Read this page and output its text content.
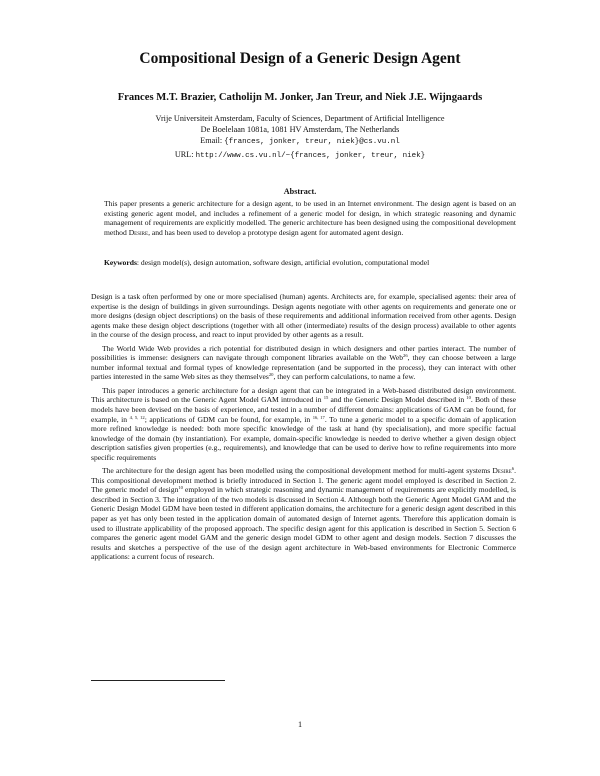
Compositional Design of a Generic Design Agent
Frances M.T. Brazier, Catholijn M. Jonker, Jan Treur, and Niek J.E. Wijngaards
Vrije Universiteit Amsterdam, Faculty of Sciences, Department of Artificial Intelligence
De Boelelaan 1081a, 1081 HV Amsterdam, The Netherlands
Email: {frances, jonker, treur, niek}@cs.vu.nl
URL: http://www.cs.vu.nl/~{frances, jonker, treur, niek}
Abstract.

This paper presents a generic architecture for a design agent, to be used in an Internet environment. The design agent is based on an existing generic agent model, and includes a refinement of a generic model for design, in which strategic reasoning and dynamic management of requirements are explicitly modelled. The generic architecture has been designed using the compositional development method Desire, and has been used to develop a prototype design agent for automated agent design.

Keywords: design model(s), design automation, software design, artificial evolution, computational model

Design is a task often performed by one or more specialised (human) agents. Architects are, for example, specialised agents: their area of expertise is the design of buildings in given surroundings. Design agents negotiate with other agents on requirements and generate one or more designs (design object descriptions) on the basis of these requirements and additional information received from other agents. Design agents make these design object descriptions (together with all other (intermediate) results of the design process) available to other agents in the course of the design process, and react to input provided by other agents as a result.

The World Wide Web provides a rich potential for distributed design in which designers and other parties interact. The number of possibilities is immense: designers can navigate through component libraries available on the Web$^{26}$, they can choose between a large number informal textual and formal types of knowledge representation (and be supported in the process), they can interact with other parties interested in the same Web sites as they themselves$^{20}$, they can perform calculations, to name a few.

This paper introduces a generic architecture for a design agent that can be integrated in a Web-based distributed design environment. This architecture is based on the Generic Agent Model GAM introduced in $^{15}$ and the Generic Design Model described in $^{10}$. Both of these models have been devised on the basis of experience, and tested in a number of different domains: applications of GAM can be found, for example, in $^{4, 5, 12}$; applications of GDM can be found, for example, in $^{16, 17}$. To tune a generic model to a specific domain of application more refined knowledge is needed: both more specific knowledge of the task at hand (by specialisation), and more specific factual knowledge of the domain (by instantiation). For example, domain-specific knowledge is needed to derive whether a given design object description satisfies given properties (e.g., requirements), and knowledge that can be used to derive how to refine requirements into more specific requirements

The architecture for the design agent has been modelled using the compositional development method for multi-agent systems Desire$^6$. This compositional development method is briefly introduced in Section 1. The generic agent model employed is described in Section 2. The generic model of design$^{10}$ employed in which strategic reasoning and dynamic management of requirements are explicitly modelled, is described in Section 3. The integration of the two models is discussed in Section 4. Although both the Generic Agent Model GAM and the Generic Design Model GDM have been tested in different application domains, the architecture for a generic design agent described in this paper as yet has only been tested in the application domain of automated design of Internet agents. Therefore this application domain is used to illustrate applicability of the proposed approach. The specific design agent for this application is described in Section 5. Section 6 compares the generic agent model GAM and the generic design model GDM to other agent and design models. Section 7 discusses the results and sketches a perspective of the use of the design agent architecture in Web-based environments for Electronic Commerce applications: a current focus of research.

1
